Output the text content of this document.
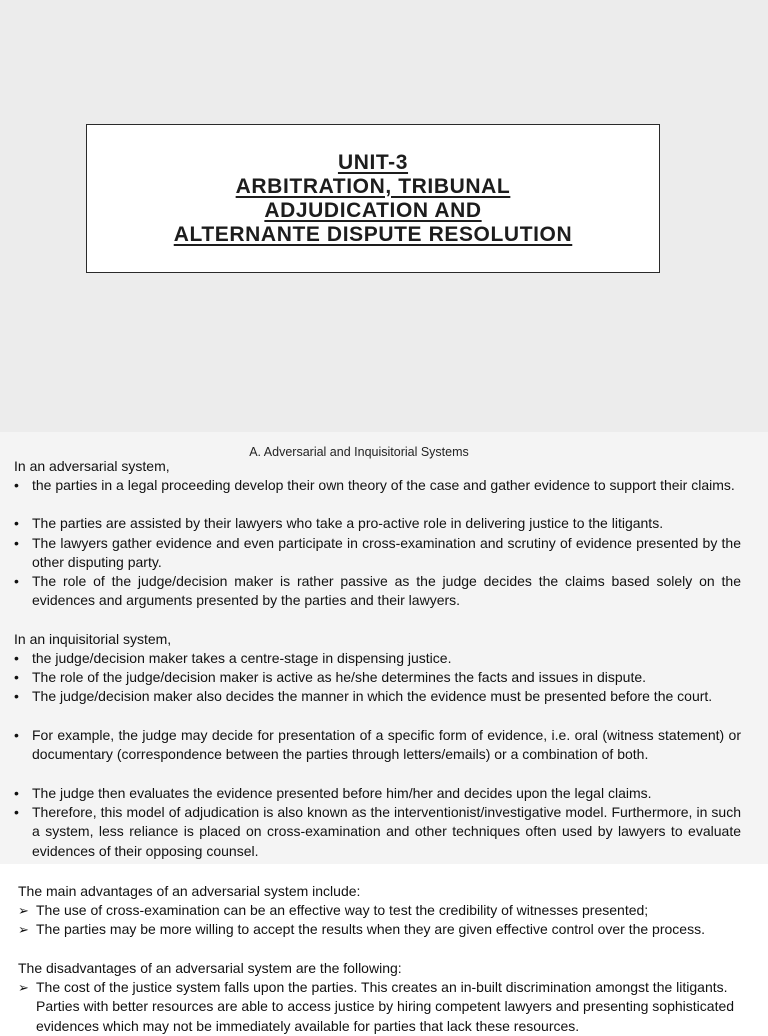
UNIT-3
ARBITRATION, TRIBUNAL
ADJUDICATION AND
ALTERNANTE DISPUTE RESOLUTION
A. Adversarial and Inquisitorial Systems
In an adversarial system,
• the parties in a legal proceeding develop their own theory of the case and gather evidence to support their claims.
• The parties are assisted by their lawyers who take a pro-active role in delivering justice to the litigants.
• The lawyers gather evidence and even participate in cross-examination and scrutiny of evidence presented by the other disputing party.
• The role of the judge/decision maker is rather passive as the judge decides the claims based solely on the evidences and arguments presented by the parties and their lawyers.
In an inquisitorial system,
• the judge/decision maker takes a centre-stage in dispensing justice.
• The role of the judge/decision maker is active as he/she determines the facts and issues in dispute.
• The judge/decision maker also decides the manner in which the evidence must be presented before the court.
• For example, the judge may decide for presentation of a specific form of evidence, i.e. oral (witness statement) or documentary (correspondence between the parties through letters/emails) or a combination of both.
• The judge then evaluates the evidence presented before him/her and decides upon the legal claims.
• Therefore, this model of adjudication is also known as the interventionist/investigative model. Furthermore, in such a system, less reliance is placed on cross-examination and other techniques often used by lawyers to evaluate evidences of their opposing counsel.
The main advantages of an adversarial system include:
➢ The use of cross-examination can be an effective way to test the credibility of witnesses presented;
➢ The parties may be more willing to accept the results when they are given effective control over the process.
The disadvantages of an adversarial system are the following:
➢ The cost of the justice system falls upon the parties. This creates an in-built discrimination amongst the litigants. Parties with better resources are able to access justice by hiring competent lawyers and presenting sophisticated evidences which may not be immediately available for parties that lack these resources.
